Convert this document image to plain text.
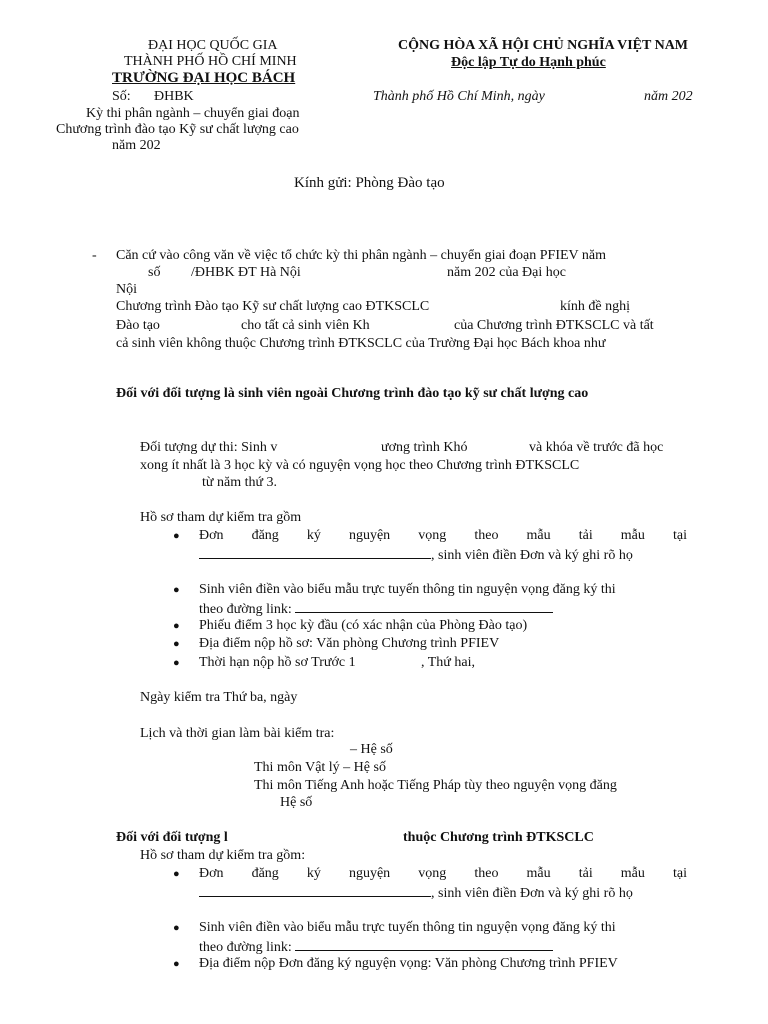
ĐẠI HỌC QUỐC GIA
THÀNH PHỐ HỒ CHÍ MINH
TRƯỜNG ĐẠI HỌC BÁCH
Số: ĐHBK
Kỳ thi phân ngành – chuyển giai đoạn
Chương trình đào tạo Kỹ sư chất lượng cao
năm 202
CỘNG HÒA XÃ HỘI CHỦ NGHĨA VIỆT NAM
Độc lập Tự do Hạnh phúc
Thành phố Hồ Chí Minh, ngày	năm 202
Kính gửi: Phòng Đào tạo
- Căn cứ vào công văn về việc tổ chức kỳ thi phân ngành – chuyển giai đoạn PFIEV năm
số /ĐHBK ĐT Hà Nội	năm 202 của Đại học
Nội
Chương trình Đào tạo Kỹ sư chất lượng cao ĐTKSCLC	kính đề nghị
Đào tạo	cho tất cả sinh viên Kh	của Chương trình ĐTKSCLC và tất
cả sinh viên không thuộc Chương trình ĐTKSCLC của Trường Đại học Bách khoa như
Đối với đối tượng là sinh viên ngoài Chương trình đào tạo kỹ sư chất lượng cao
Đối tượng dự thi: Sinh v	ương trình Khó	và khóa về trước đã học
xong ít nhất là 3 học kỳ và có nguyện vọng học theo Chương trình ĐTKSCLC
từ năm thứ 3.
Hồ sơ tham dự kiểm tra gồm
● Đơn đăng ký nguyện vọng theo mẫu tải mẫu tại
, sinh viên điền Đơn và ký ghi rõ họ
● Sinh viên điền vào biểu mẫu trực tuyến thông tin nguyện vọng đăng ký thi
theo đường link:
● Phiếu điểm 3 học kỳ đầu (có xác nhận của Phòng Đào tạo)
● Địa điểm nộp hồ sơ: Văn phòng Chương trình PFIEV
● Thời hạn nộp hồ sơ Trước 1	, Thứ hai,
Ngày kiểm tra Thứ ba, ngày
Lịch và thời gian làm bài kiểm tra:
– Hệ số
Thi môn Vật lý – Hệ số
Thi môn Tiếng Anh hoặc Tiếng Pháp tùy theo nguyện vọng đăng
Hệ số
Đối với đối tượng l	thuộc Chương trình ĐTKSCLC
Hồ sơ tham dự kiểm tra gồm:
● Đơn đăng ký nguyện vọng theo mẫu tải mẫu tại
, sinh viên điền Đơn và ký ghi rõ họ
● Sinh viên điền vào biểu mẫu trực tuyến thông tin nguyện vọng đăng ký thi
theo đường link:
● Địa điểm nộp Đơn đăng ký nguyện vọng: Văn phòng Chương trình PFIEV
